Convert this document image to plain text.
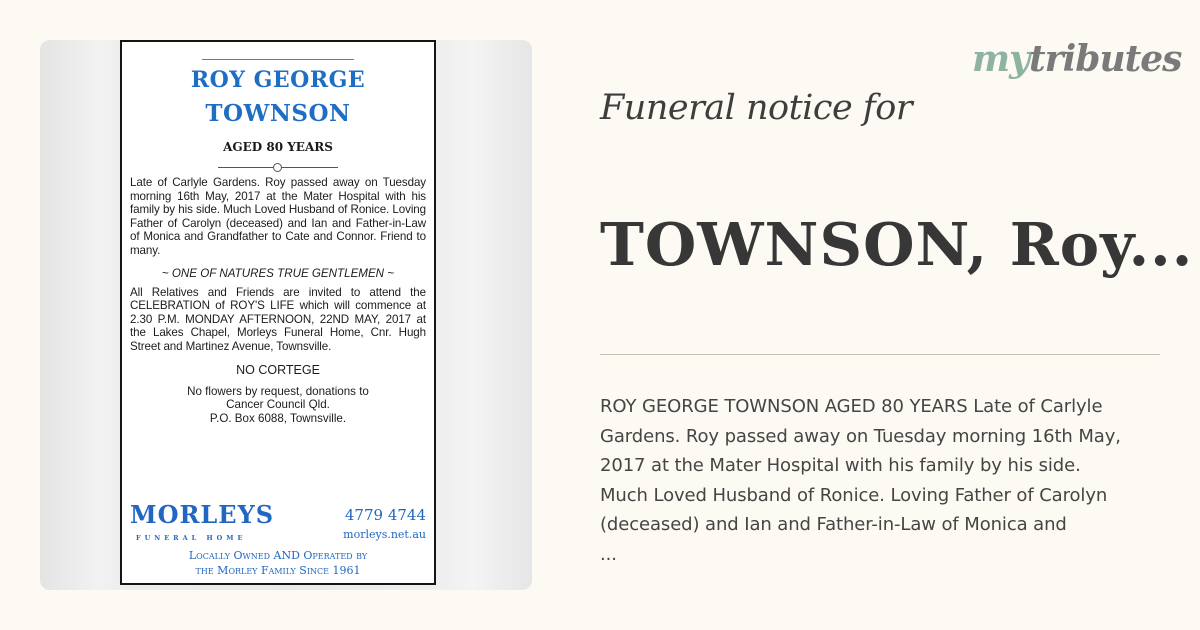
ROY GEORGE
TOWNSON
AGED 80 YEARS
Late of Carlyle Gardens. Roy passed away on Tuesday morning 16th May, 2017 at the Mater Hospital with his family by his side. Much Loved Husband of Ronice. Loving Father of Carolyn (deceased) and Ian and Father-in-Law of Monica and Grandfather to Cate and Connor. Friend to many.
~ ONE OF NATURES TRUE GENTLEMEN ~
All Relatives and Friends are invited to attend the CELEBRATION of ROY'S LIFE which will commence at 2.30 P.M. MONDAY AFTERNOON, 22ND MAY, 2017 at the Lakes Chapel, Morleys Funeral Home, Cnr. Hugh Street and Martinez Avenue, Townsville.
NO CORTEGE
No flowers by request, donations to
Cancer Council Qld.
P.O. Box 6088, Townsville.
MORLEYS
FUNERAL HOME
4779 4744
morleys.net.au
Locally Owned AND Operated by
the Morley Family Since 1961
mytributes
Funeral notice for
TOWNSON, Roy...
ROY GEORGE TOWNSON AGED 80 YEARS Late of Carlyle
Gardens. Roy passed away on Tuesday morning 16th May,
2017 at the Mater Hospital with his family by his side.
Much Loved Husband of Ronice. Loving Father of Carolyn
(deceased) and Ian and Father-in-Law of Monica and
...
